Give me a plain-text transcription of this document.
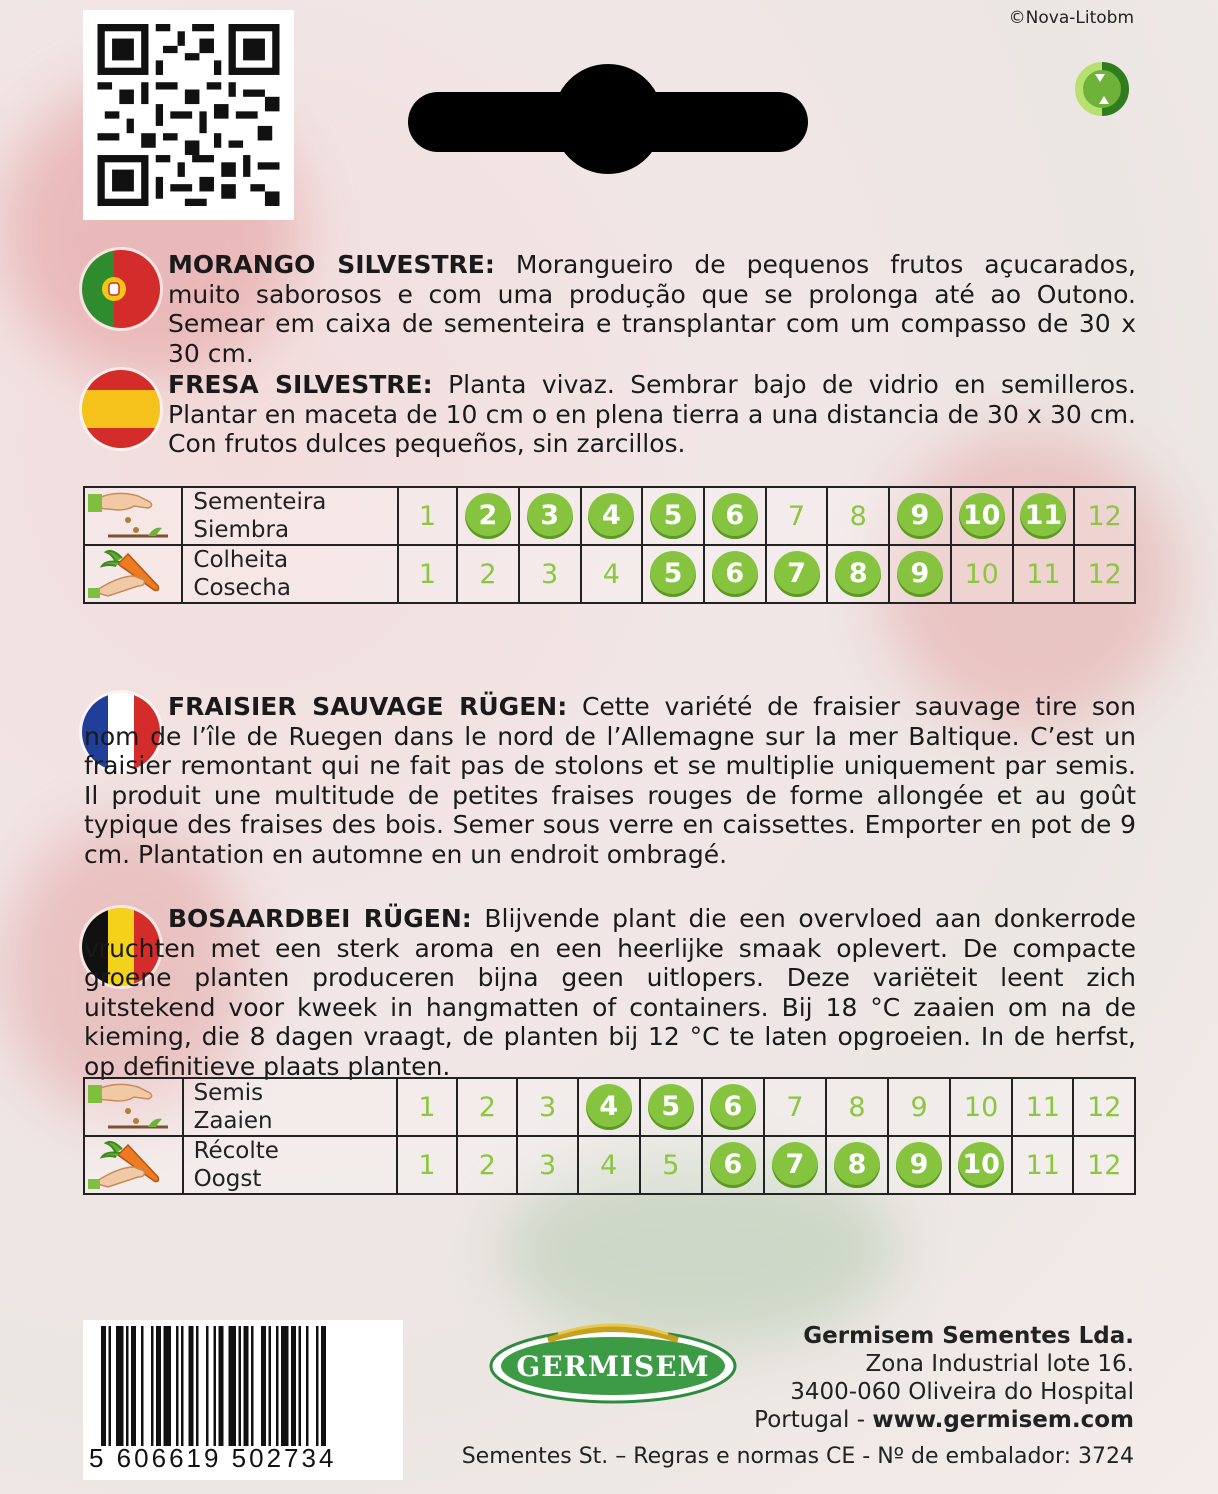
©Nova-Litobm
MORANGO SILVESTRE: Morangueiro de pequenos frutos açucarados, muito saborosos e com uma produção que se prolonga até ao Outono. Semear em caixa de sementeira e transplantar com um compasso de 30 x 30 cm.
FRESA SILVESTRE: Planta vivaz. Sembrar bajo de vidrio en semilleros. Plantar en maceta de 10 cm o en plena tierra a una distancia de 30 x 30 cm. Con frutos dulces pequeños, sin zarcillos.

Sementeira
Siembra	1	2	3	4	5	6	7	8	9	10	11	12

Colheita
Cosecha	1	2	3	4	5	6	7	8	9	10	11	12
FRAISIER SAUVAGE RÜGEN: Cette variété de fraisier sauvage tire son nom de l’île de Ruegen dans le nord de l’Allemagne sur la mer Baltique. C’est un fraisier remontant qui ne fait pas de stolons et se multiplie uniquement par semis. Il produit une multitude de petites fraises rouges de forme allongée et au goût typique des fraises des bois. Semer sous verre en caissettes. Emporter en pot de 9 cm. Plantation en automne en un endroit ombragé.
BOSAARDBEI RÜGEN: Blijvende plant die een overvloed aan donkerrode vruchten met een sterk aroma en een heerlijke smaak oplevert. De compacte groene planten produceren bijna geen uitlopers. Deze variëteit leent zich uitstekend voor kweek in hangmatten of containers. Bij 18 °C zaaien om na de kieming, die 8 dagen vraagt, de planten bij 12 °C te laten opgroeien. In de herfst, op definitieve plaats planten.

Semis
Zaaien	1	2	3	4	5	6	7	8	9	10	11	12

Récolte
Oogst	1	2	3	4	5	6	7	8	9	10	11	12
5 606619 502734
GERMISEM
Germisem Sementes Lda.
Zona Industrial lote 16.
3400-060 Oliveira do Hospital
Portugal - www.germisem.com
Sementes St. – Regras e normas CE - Nº de embalador: 3724
